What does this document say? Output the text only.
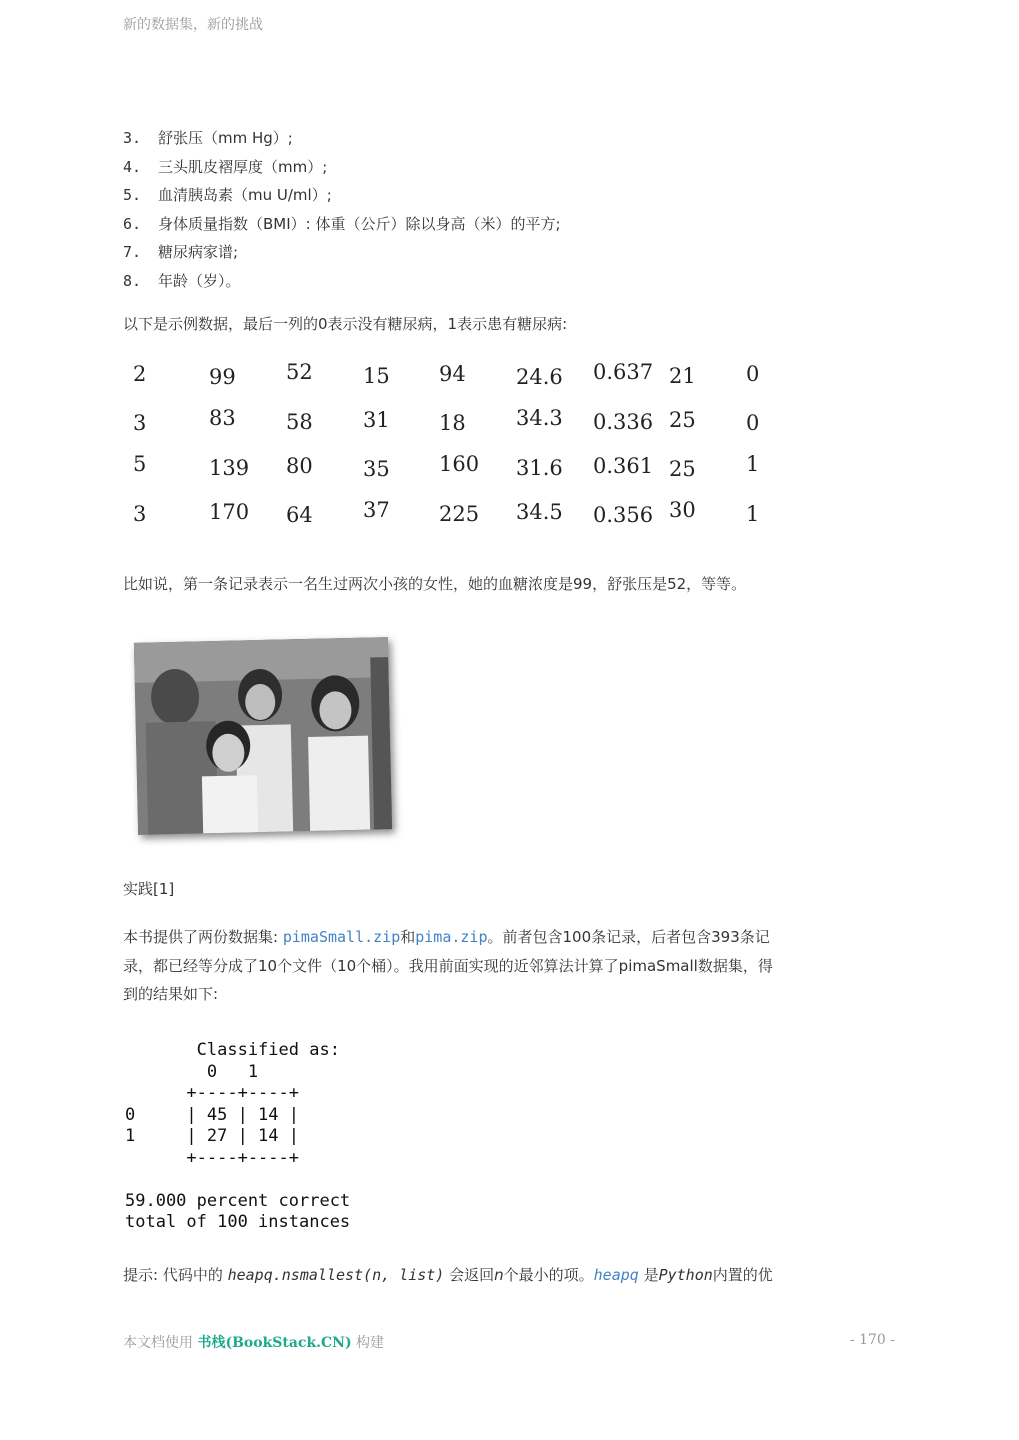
新的数据集，新的挑战
3. 舒张压（mm Hg）;
4. 三头肌皮褶厚度（mm）;
5. 血清胰岛素（mu U/ml）;
6. 身体质量指数（BMI）: 体重（公斤）除以身高（米）的平方;
7. 糖尿病家谱;
8. 年龄（岁）。
以下是示例数据，最后一列的0表示没有糖尿病，1表示患有糖尿病:
2	99 52 15 94 24.6 0.637 21 0
3	83 58 31 18 34.3 0.336 25 0
5	139 80 35 160 31.6 0.361 25 1
3	170 64 37 225 34.5 0.356 30 1
比如说，第一条记录表示一名生过两次小孩的女性，她的血糖浓度是99，舒张压是52，等等。
实践[1]
本书提供了两份数据集: pimaSmall.zip和pima.zip。前者包含100条记录，后者包含393条记
录，都已经等分成了10个文件（10个桶）。我用前面实现的近邻算法计算了pimaSmall数据集，得
到的结果如下:
Classified as:
0   1
+----+----+
0     | 45 | 14 |
1     | 27 | 14 |
+----+----+

59.000 percent correct
total of 100 instances
提示: 代码中的 heapq.nsmallest(n, list) 会返回n个最小的项。heapq 是Python内置的优
本文档使用 书栈(BookStack.CN) 构建	- 170 -
